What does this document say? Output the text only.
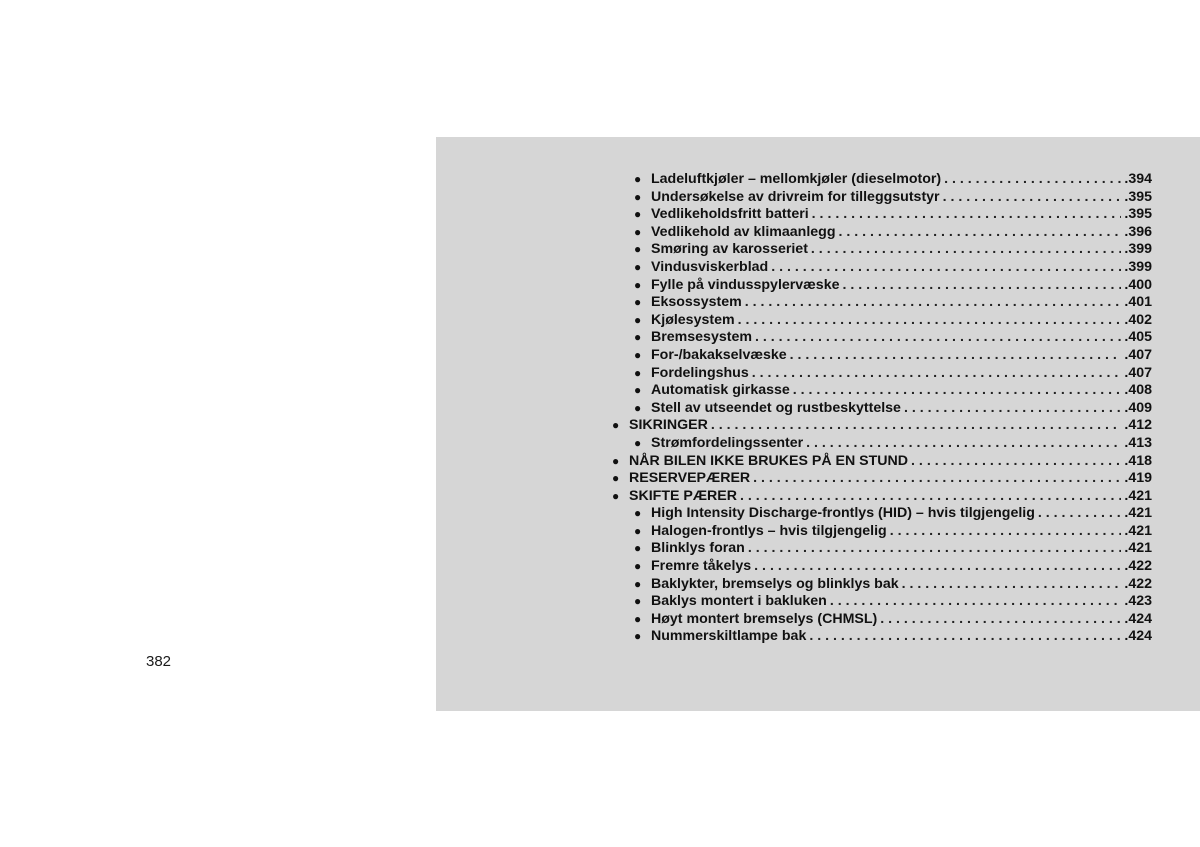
382
● Ladeluftkjøler – mellomkjøler (dieselmotor) . . .	.394
● Undersøkelse av drivreim for tilleggsutstyr . . .	.395
● Vedlikeholdsfritt batteri . . .	.395
● Vedlikehold av klimaanlegg . . .	.396
● Smøring av karosseriet . . .	.399
● Vindusviskerblad . . .	.399
● Fylle på vindusspylervæske . . .	.400
● Eksossystem . . .	.401
● Kjølesystem . . .	.402
● Bremsesystem . . .	.405
● For-/bakakselvæske . . .	.407
● Fordelingshus . . .	.407
● Automatisk girkasse . . .	.408
● Stell av utseendet og rustbeskyttelse . . .	.409
● SIKRINGER . . .	.412
● Strømfordelingssenter . . .	.413
● NÅR BILEN IKKE BRUKES PÅ EN STUND . . .	.418
● RESERVEPÆRER . . .	.419
● SKIFTE PÆRER . . .	.421
● High Intensity Discharge-frontlys (HID) – hvis tilgjengelig . . .	.421
● Halogen-frontlys – hvis tilgjengelig . . .	.421
● Blinklys foran . . .	.421
● Fremre tåkelys . . .	.422
● Baklykter, bremselys og blinklys bak . . .	.422
● Baklys montert i bakluken . . .	.423
● Høyt montert bremselys (CHMSL) . . .	.424
● Nummerskiltlampe bak . . .	.424
